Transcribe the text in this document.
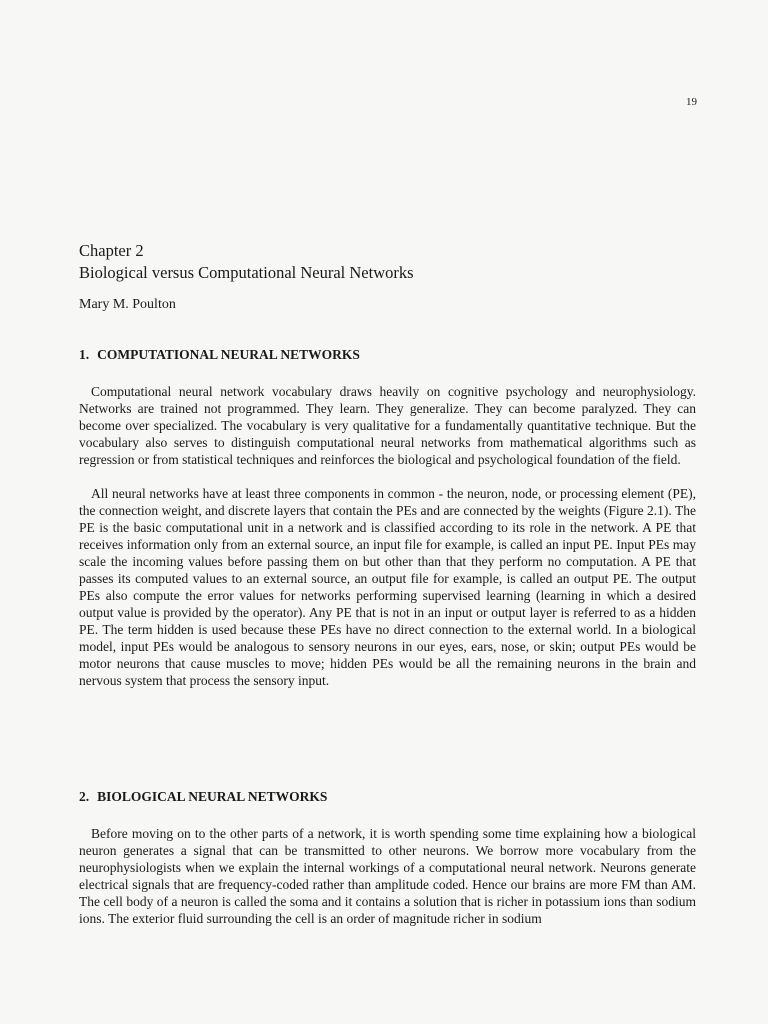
19
Chapter 2
Biological versus Computational Neural Networks
Mary M. Poulton
1. COMPUTATIONAL NEURAL NETWORKS

Computational neural network vocabulary draws heavily on cognitive psychology and neurophysiology. Networks are trained not programmed. They learn. They generalize. They can become paralyzed. They can become over specialized. The vocabulary is very qualitative for a fundamentally quantitative technique. But the vocabulary also serves to distinguish computational neural networks from mathematical algorithms such as regression or from statistical techniques and reinforces the biological and psychological foundation of the field.

All neural networks have at least three components in common - the neuron, node, or processing element (PE), the connection weight, and discrete layers that contain the PEs and are connected by the weights (Figure 2.1). The PE is the basic computational unit in a network and is classified according to its role in the network. A PE that receives information only from an external source, an input file for example, is called an input PE. Input PEs may scale the incoming values before passing them on but other than that they perform no computation. A PE that passes its computed values to an external source, an output file for example, is called an output PE. The output PEs also compute the error values for networks performing supervised learning (learning in which a desired output value is provided by the operator). Any PE that is not in an input or output layer is referred to as a hidden PE. The term hidden is used because these PEs have no direct connection to the external world. In a biological model, input PEs would be analogous to sensory neurons in our eyes, ears, nose, or skin; output PEs would be motor neurons that cause muscles to move; hidden PEs would be all the remaining neurons in the brain and nervous system that process the sensory input.

2. BIOLOGICAL NEURAL NETWORKS

Before moving on to the other parts of a network, it is worth spending some time explaining how a biological neuron generates a signal that can be transmitted to other neurons. We borrow more vocabulary from the neurophysiologists when we explain the internal workings of a computational neural network. Neurons generate electrical signals that are frequency-coded rather than amplitude coded. Hence our brains are more FM than AM. The cell body of a neuron is called the soma and it contains a solution that is richer in potassium ions than sodium ions. The exterior fluid surrounding the cell is an order of magnitude richer in sodium
